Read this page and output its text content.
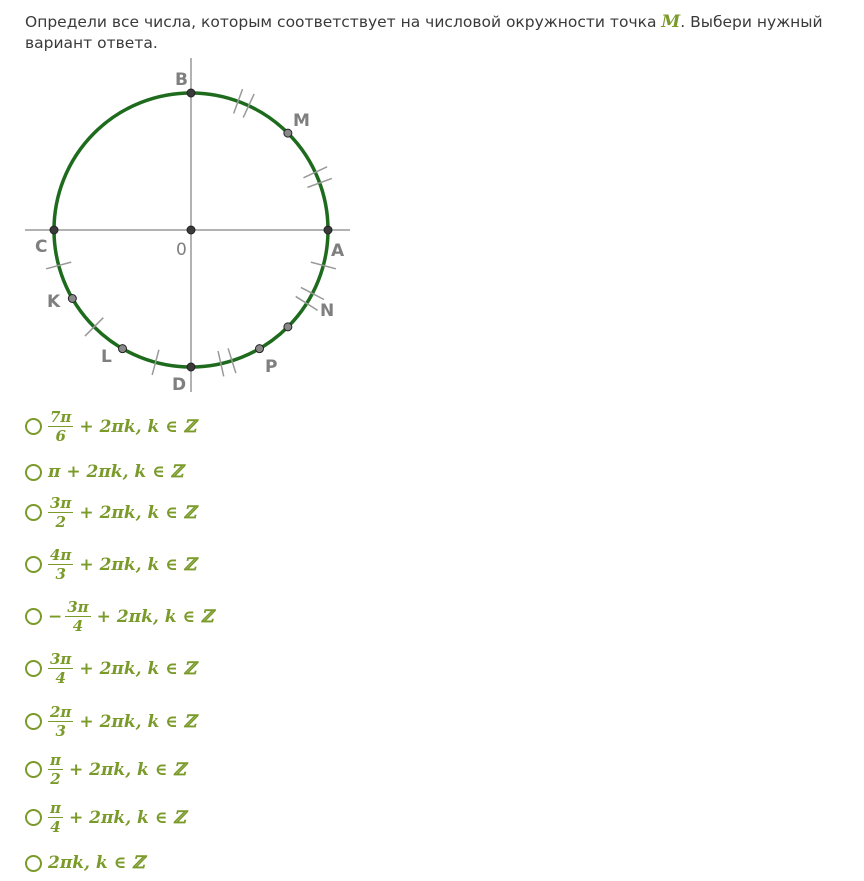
Определи все числа, которым соответствует на числовой окружности точка M. Выбери нужный вариант ответа.
B
M
C	0	A
K	N
L
D
P
$\frac{7\pi}{6} + 2\pi k$, k ∈ ℤ
π + 2πk, k ∈ ℤ
$\frac{3\pi}{2} + 2\pi k$, k ∈ ℤ
$\frac{4\pi}{3} + 2\pi k$, k ∈ ℤ
− $\frac{3\pi}{4} + 2\pi k$, k ∈ ℤ
$\frac{3\pi}{4} + 2\pi k$, k ∈ ℤ
$\frac{2\pi}{3} + 2\pi k$, k ∈ ℤ
$\frac{\pi}{2} + 2\pi k$, k ∈ ℤ
$\frac{\pi}{4} + 2\pi k$, k ∈ ℤ
2πk, k ∈ ℤ
